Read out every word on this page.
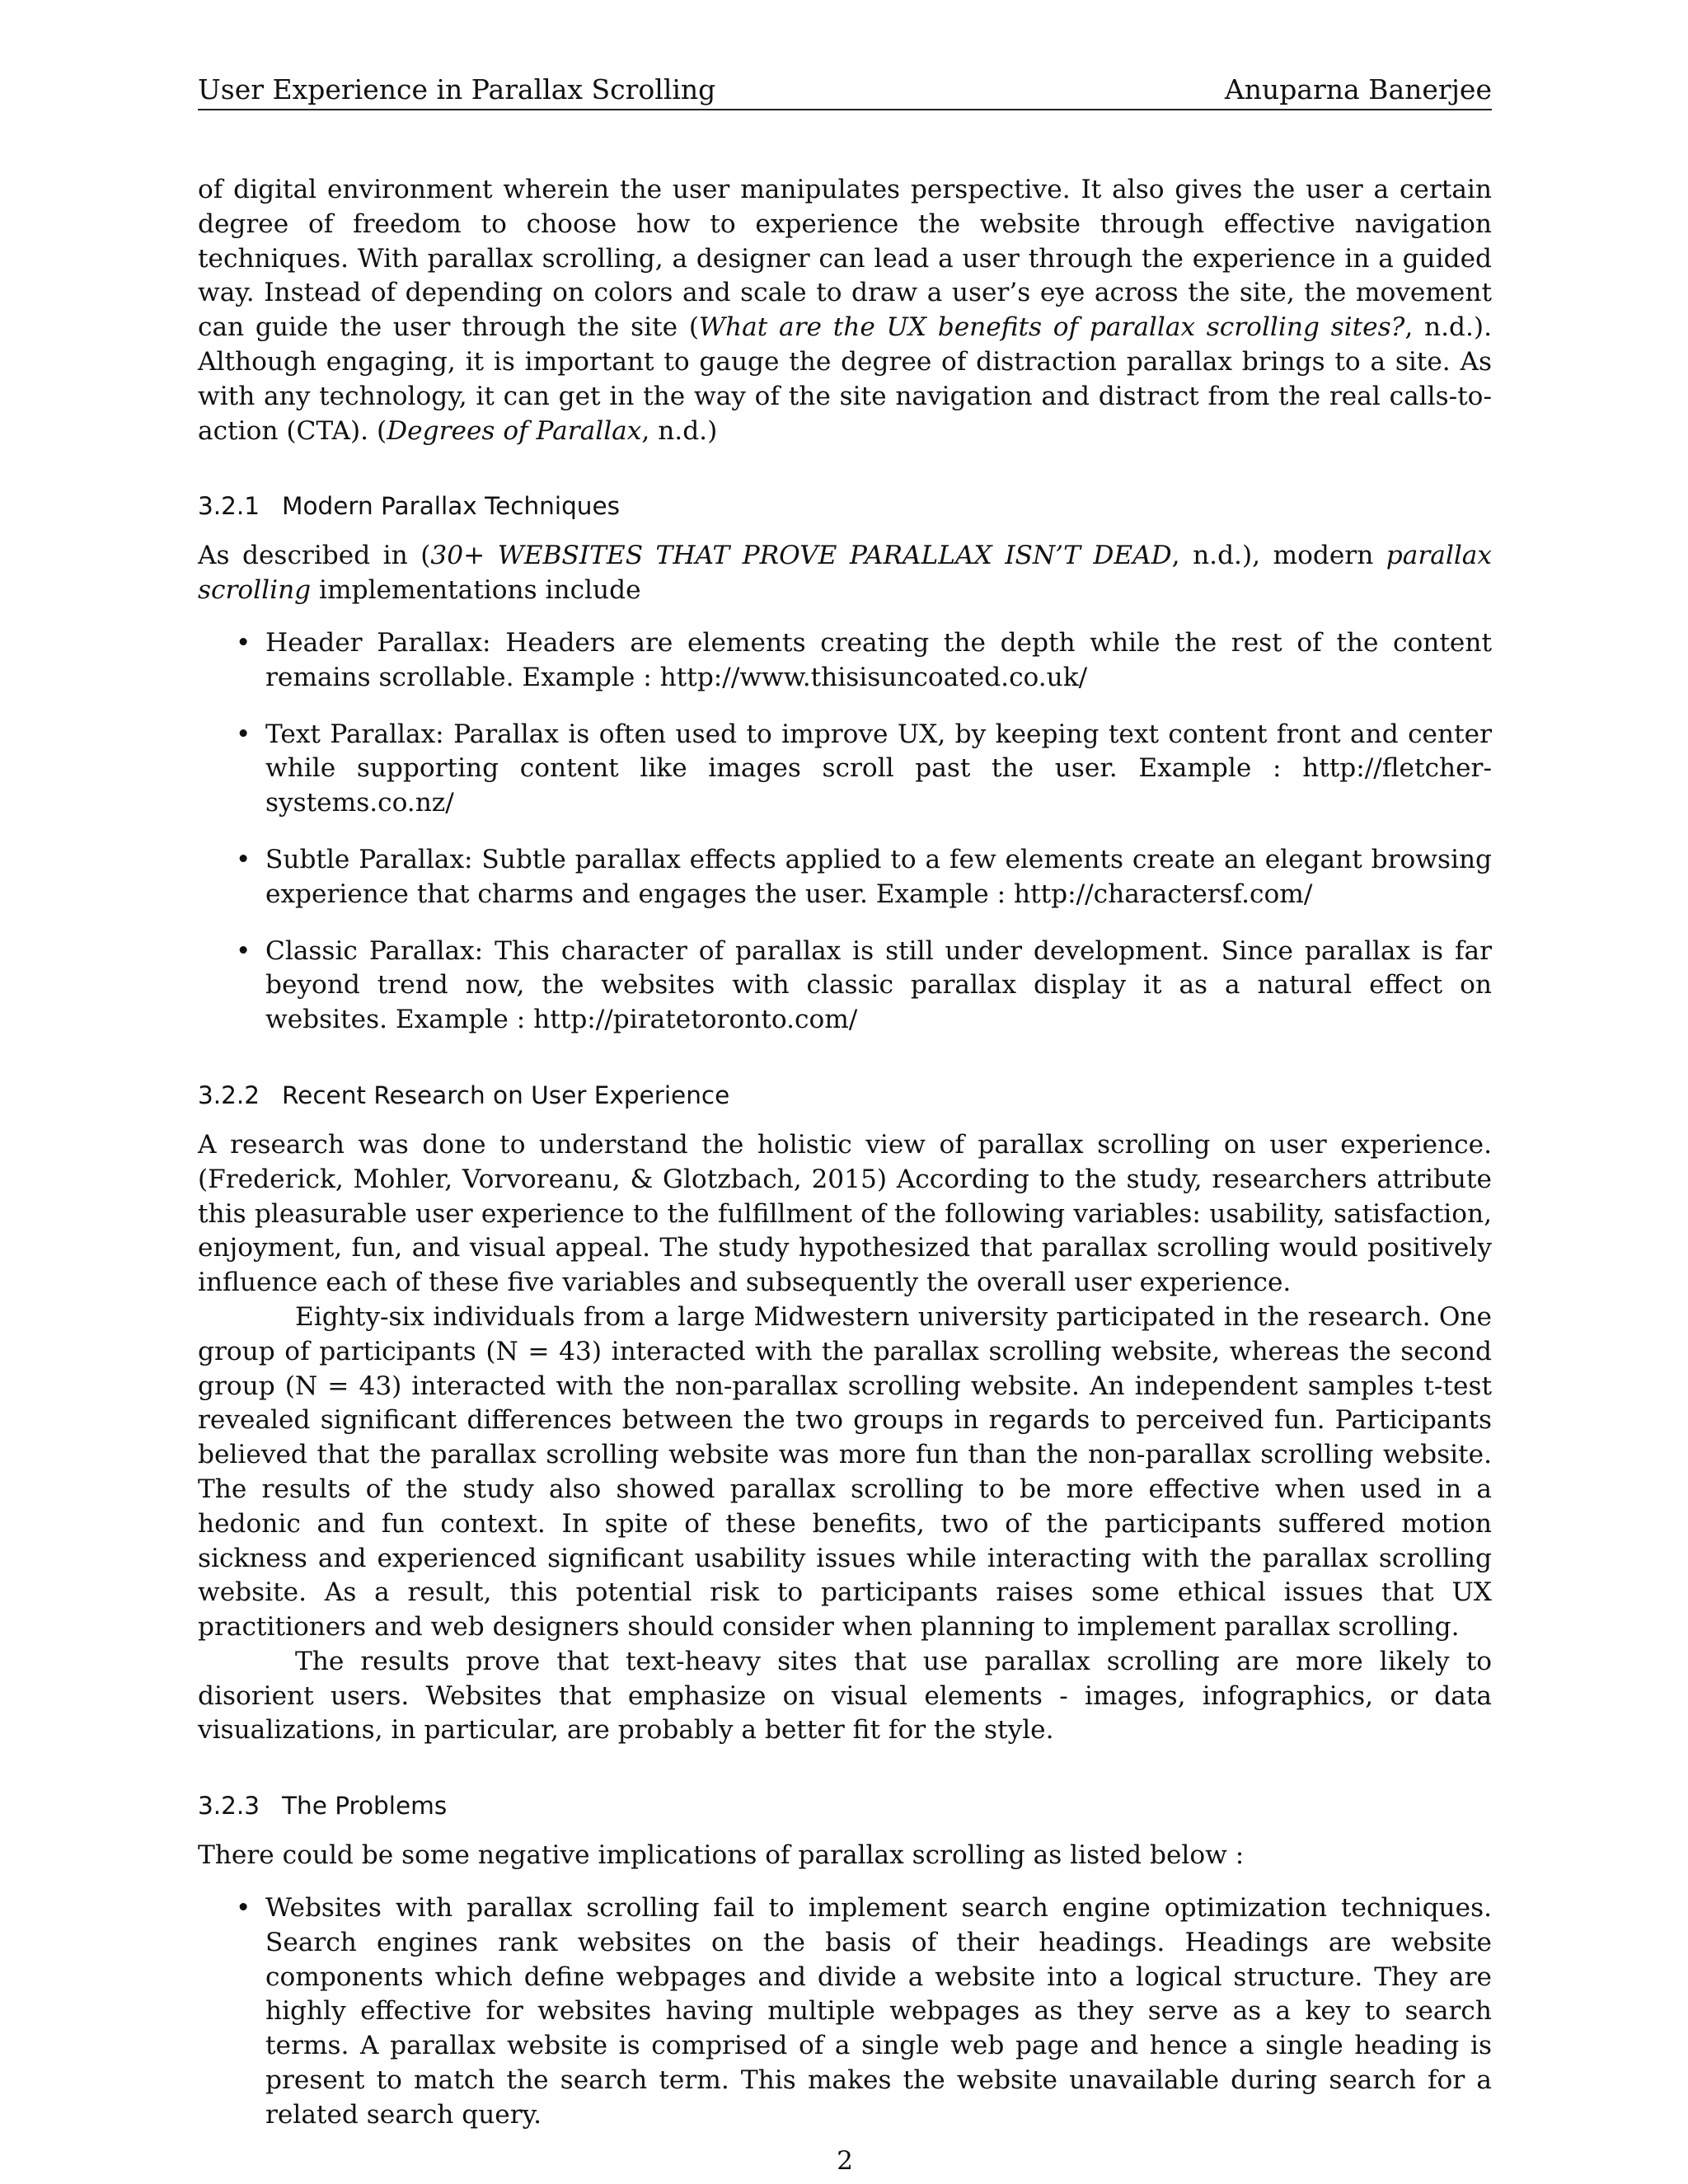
User Experience in Parallax Scrolling	Anuparna Banerjee

of digital environment wherein the user manipulates perspective. It also gives the user a certain degree of freedom to choose how to experience the website through effective navigation techniques. With parallax scrolling, a designer can lead a user through the experience in a guided way. Instead of depending on colors and scale to draw a user’s eye across the site, the movement can guide the user through the site (What are the UX benefits of parallax scrolling sites?, n.d.). Although engaging, it is important to gauge the degree of distraction parallax brings to a site. As with any technology, it can get in the way of the site navigation and distract from the real calls-to-action (CTA). (Degrees of Parallax, n.d.)

3.2.1 Modern Parallax Techniques

As described in (30+ WEBSITES THAT PROVE PARALLAX ISN’T DEAD, n.d.), modern parallax scrolling implementations include

• Header Parallax: Headers are elements creating the depth while the rest of the content remains scrollable. Example : http://www.thisisuncoated.co.uk/
• Text Parallax: Parallax is often used to improve UX, by keeping text content front and center while supporting content like images scroll past the user. Example : http://fletcher-systems.co.nz/
• Subtle Parallax: Subtle parallax effects applied to a few elements create an elegant browsing experience that charms and engages the user. Example : http://charactersf.com/
• Classic Parallax: This character of parallax is still under development. Since parallax is far beyond trend now, the websites with classic parallax display it as a natural effect on websites. Example : http://piratetoronto.com/
3.2.2 Recent Research on User Experience

A research was done to understand the holistic view of parallax scrolling on user experience.(Frederick, Mohler, Vorvoreanu, & Glotzbach, 2015) According to the study, researchers attribute this pleasurable user experience to the fulfillment of the following variables: usability, satisfaction, enjoyment, fun, and visual appeal. The study hypothesized that parallax scrolling would positively influence each of these five variables and subsequently the overall user experience.

Eighty-six individuals from a large Midwestern university participated in the research. One group of participants (N = 43) interacted with the parallax scrolling website, whereas the second group (N = 43) interacted with the non-parallax scrolling website. An independent samples t-test revealed significant differences between the two groups in regards to perceived fun. Participants believed that the parallax scrolling website was more fun than the non-parallax scrolling website. The results of the study also showed parallax scrolling to be more effective when used in a hedonic and fun context. In spite of these benefits, two of the participants suffered motion sickness and experienced significant usability issues while interacting with the parallax scrolling website. As a result, this potential risk to participants raises some ethical issues that UX practitioners and web designers should consider when planning to implement parallax scrolling.

The results prove that text-heavy sites that use parallax scrolling are more likely to disorient users. Websites that emphasize on visual elements - images, infographics, or data visualizations, in particular, are probably a better fit for the style.

3.2.3 The Problems

There could be some negative implications of parallax scrolling as listed below :

• Websites with parallax scrolling fail to implement search engine optimization techniques. Search engines rank websites on the basis of their headings. Headings are website components which define webpages and divide a website into a logical structure. They are highly effective for websites having multiple webpages as they serve as a key to search terms. A parallax website is comprised of a single web page and hence a single heading is present to match the search term. This makes the website unavailable during search for a related search query.
2
